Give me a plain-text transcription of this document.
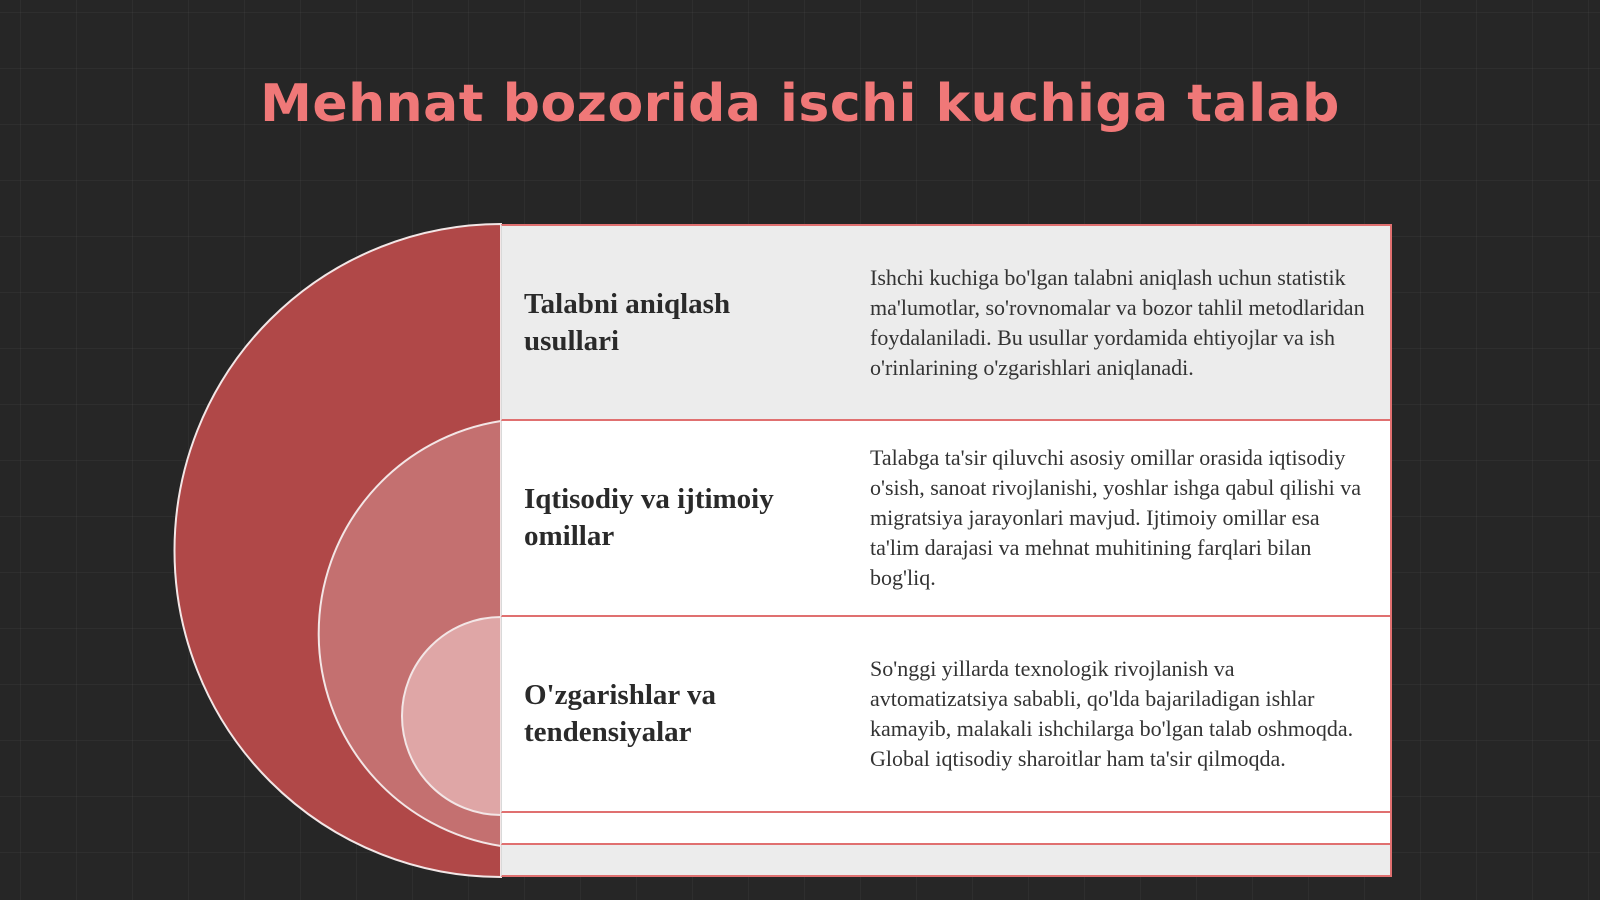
Mehnat bozorida ischi kuchiga talab
Talabni aniqlash usullari

Ishchi kuchiga bo'lgan talabni aniqlash uchun statistik ma'lumotlar, so'rovnomalar va bozor tahlil metodlaridan foydalaniladi. Bu usullar yordamida ehtiyojlar va ish o'rinlarining o'zgarishlari aniqlanadi.

Iqtisodiy va ijtimoiy omillar

Talabga ta'sir qiluvchi asosiy omillar orasida iqtisodiy o'sish, sanoat rivojlanishi, yoshlar ishga qabul qilishi va migratsiya jarayonlari mavjud. Ijtimoiy omillar esa ta'lim darajasi va mehnat muhitining farqlari bilan bog'liq.

O'zgarishlar va tendensiyalar

So'nggi yillarda texnologik rivojlanish va avtomatizatsiya sababli, qo'lda bajariladigan ishlar kamayib, malakali ishchilarga bo'lgan talab oshmoqda. Global iqtisodiy sharoitlar ham ta'sir qilmoqda.
